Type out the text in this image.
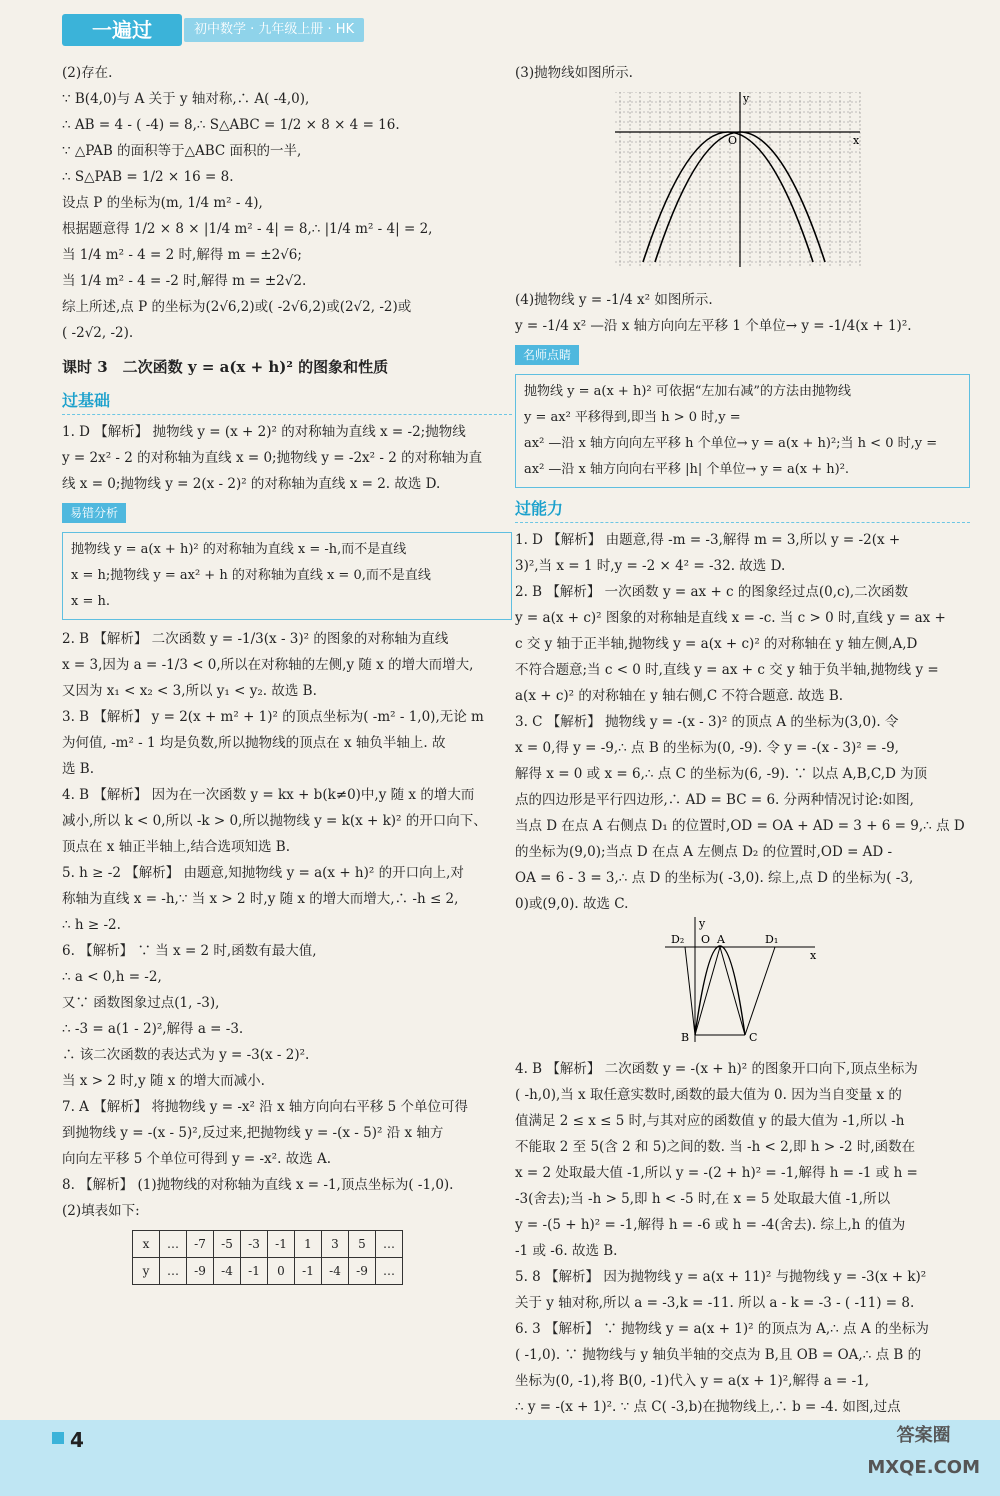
一遍过	初中数学 · 九年级上册 · HK
(2)存在.
∵ B(4,0)与 A 关于 y 轴对称,∴ A( -4,0),
∴ AB = 4 - ( -4) = 8,∴ S△ABC = 1/2 × 8 × 4 = 16.
∵ △PAB 的面积等于△ABC 面积的一半,
∴ S△PAB = 1/2 × 16 = 8.
设点 P 的坐标为(m, 1/4 m² - 4),
根据题意得 1/2 × 8 × |1/4 m² - 4| = 8,∴ |1/4 m² - 4| = 2,
当 1/4 m² - 4 = 2 时,解得 m = ±2√6;
当 1/4 m² - 4 = -2 时,解得 m = ±2√2.
综上所述,点 P 的坐标为(2√6,2)或( -2√6,2)或(2√2, -2)或
( -2√2, -2).
课时 3　二次函数 y = a(x + h)² 的图象和性质
过基础
1. D 【解析】 抛物线 y = (x + 2)² 的对称轴为直线 x = -2;抛物线
y = 2x² - 2 的对称轴为直线 x = 0;抛物线 y = -2x² - 2 的对称轴为直
线 x = 0;抛物线 y = 2(x - 2)² 的对称轴为直线 x = 2. 故选 D.
易错分析
抛物线 y = a(x + h)² 的对称轴为直线 x = -h,而不是直线
x = h;抛物线 y = ax² + h 的对称轴为直线 x = 0,而不是直线
x = h.
2. B 【解析】 二次函数 y = -1/3(x - 3)² 的图象的对称轴为直线
x = 3,因为 a = -1/3 < 0,所以在对称轴的左侧,y 随 x 的增大而增大,
又因为 x₁ < x₂ < 3,所以 y₁ < y₂. 故选 B.
3. B 【解析】 y = 2(x + m² + 1)² 的顶点坐标为( -m² - 1,0),无论 m
为何值, -m² - 1 均是负数,所以抛物线的顶点在 x 轴负半轴上. 故
选 B.
4. B 【解析】 因为在一次函数 y = kx + b(k≠0)中,y 随 x 的增大而
减小,所以 k < 0,所以 -k > 0,所以抛物线 y = k(x + k)² 的开口向下、
顶点在 x 轴正半轴上,结合选项知选 B.
5. h ≥ -2 【解析】 由题意,知抛物线 y = a(x + h)² 的开口向上,对
称轴为直线 x = -h,∵ 当 x > 2 时,y 随 x 的增大而增大,∴ -h ≤ 2,
∴ h ≥ -2.
6. 【解析】 ∵ 当 x = 2 时,函数有最大值,
∴ a < 0,h = -2,
又∵ 函数图象过点(1, -3),
∴ -3 = a(1 - 2)²,解得 a = -3.
∴ 该二次函数的表达式为 y = -3(x - 2)².
当 x > 2 时,y 随 x 的增大而减小.
7. A 【解析】 将抛物线 y = -x² 沿 x 轴方向向右平移 5 个单位可得
到抛物线 y = -(x - 5)²,反过来,把抛物线 y = -(x - 5)² 沿 x 轴方
向向左平移 5 个单位可得到 y = -x². 故选 A.
8. 【解析】 (1)抛物线的对称轴为直线 x = -1,顶点坐标为( -1,0).
(2)填表如下:
x	…	-7	-5	-3	-1	1	3	5	…
y	…	-9	-4	-1	0	-1	-4	-9	…
(3)抛物线如图所示.
x
y
O
(4)抛物线 y = -1/4 x² 如图所示.
y = -1/4 x² —沿 x 轴方向向左平移 1 个单位→ y = -1/4(x + 1)².
名师点睛
抛物线 y = a(x + h)² 可依据“左加右减”的方法由抛物线
y = ax² 平移得到,即当 h > 0 时,y =
ax² —沿 x 轴方向向左平移 h 个单位→ y = a(x + h)²;当 h < 0 时,y =
ax² —沿 x 轴方向向右平移 |h| 个单位→ y = a(x + h)².
过能力
1. D 【解析】 由题意,得 -m = -3,解得 m = 3,所以 y = -2(x +
3)²,当 x = 1 时,y = -2 × 4² = -32. 故选 D.
2. B 【解析】 一次函数 y = ax + c 的图象经过点(0,c),二次函数
y = a(x + c)² 图象的对称轴是直线 x = -c. 当 c > 0 时,直线 y = ax +
c 交 y 轴于正半轴,抛物线 y = a(x + c)² 的对称轴在 y 轴左侧,A,D
不符合题意;当 c < 0 时,直线 y = ax + c 交 y 轴于负半轴,抛物线 y =
a(x + c)² 的对称轴在 y 轴右侧,C 不符合题意. 故选 B.
3. C 【解析】 抛物线 y = -(x - 3)² 的顶点 A 的坐标为(3,0). 令
x = 0,得 y = -9,∴ 点 B 的坐标为(0, -9). 令 y = -(x - 3)² = -9,
解得 x = 0 或 x = 6,∴ 点 C 的坐标为(6, -9). ∵ 以点 A,B,C,D 为顶
点的四边形是平行四边形,∴ AD = BC = 6. 分两种情况讨论:如图,
当点 D 在点 A 右侧点 D₁ 的位置时,OD = OA + AD = 3 + 6 = 9,∴ 点 D
的坐标为(9,0);当点 D 在点 A 左侧点 D₂ 的位置时,OD = AD -
OA = 6 - 3 = 3,∴ 点 D 的坐标为( -3,0). 综上,点 D 的坐标为( -3,
0)或(9,0). 故选 C.
D₂ O A	D₁
x
y
B	C
4. B 【解析】 二次函数 y = -(x + h)² 的图象开口向下,顶点坐标为
( -h,0),当 x 取任意实数时,函数的最大值为 0. 因为当自变量 x 的
值满足 2 ≤ x ≤ 5 时,与其对应的函数值 y 的最大值为 -1,所以 -h
不能取 2 至 5(含 2 和 5)之间的数. 当 -h < 2,即 h > -2 时,函数在
x = 2 处取最大值 -1,所以 y = -(2 + h)² = -1,解得 h = -1 或 h =
-3(舍去);当 -h > 5,即 h < -5 时,在 x = 5 处取最大值 -1,所以
y = -(5 + h)² = -1,解得 h = -6 或 h = -4(舍去). 综上,h 的值为
-1 或 -6. 故选 B.
5. 8 【解析】 因为抛物线 y = a(x + 11)² 与抛物线 y = -3(x + k)²
关于 y 轴对称,所以 a = -3,k = -11. 所以 a - k = -3 - ( -11) = 8.
6. 3 【解析】 ∵ 抛物线 y = a(x + 1)² 的顶点为 A,∴ 点 A 的坐标为
( -1,0). ∵ 抛物线与 y 轴负半轴的交点为 B,且 OB = OA,∴ 点 B 的
坐标为(0, -1),将 B(0, -1)代入 y = a(x + 1)²,解得 a = -1,
∴ y = -(x + 1)². ∵ 点 C( -3,b)在抛物线上,∴ b = -4. 如图,过点
4	答案圈
MXQE.COM
